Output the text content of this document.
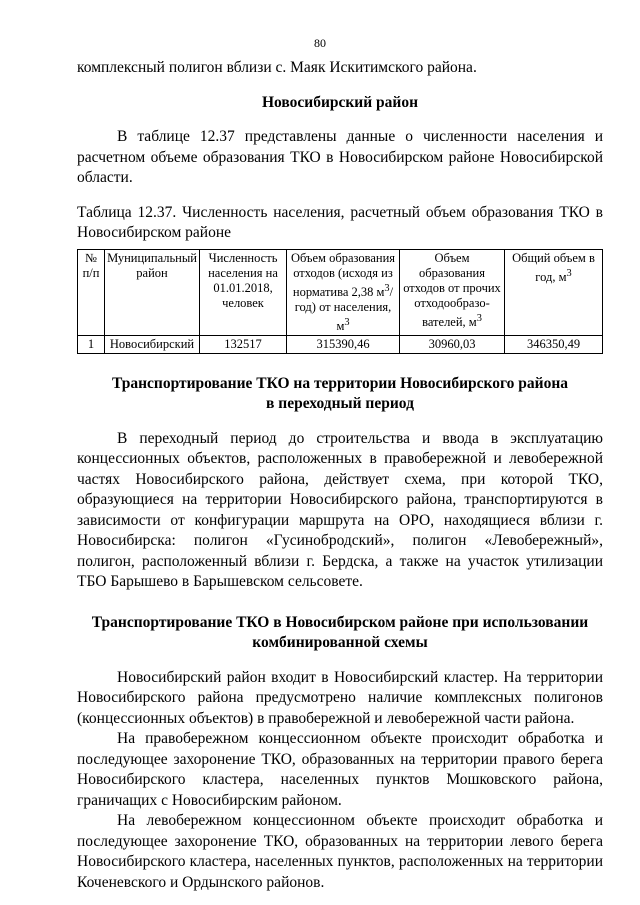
80

комплексный полигон вблизи с. Маяк Искитимского района.

Новосибирский район

В таблице 12.37 представлены данные о численности населения и расчетном объеме образования ТКО в Новосибирском районе Новосибирской области.

Таблица 12.37. Численность населения, расчетный объем образования ТКО в Новосибирском районе

№ п/п	Муниципальный район	Численность населения на 01.01.2018, человек	Объем образования отходов (исходя из норматива 2,38 $м^3/год$) от населения, $м^3$	Объем образования отходов от прочих отходообразо-вателей, $м^3$	Общий объем в год, $м^3$
1	Новосибирский	132517	315390,46	30960,03	346350,49
Транспортирование ТКО на территории Новосибирского района
в переходный период

В переходный период до строительства и ввода в эксплуатацию концессионных объектов, расположенных в правобережной и левобережной частях Новосибирского района, действует схема, при которой ТКО, образующиеся на территории Новосибирского района, транспортируются в зависимости от конфигурации маршрута на ОРО, находящиеся вблизи г. Новосибирска: полигон «Гусинобродский», полигон «Левобережный», полигон, расположенный вблизи г. Бердска, а также на участок утилизации ТБО Барышево в Барышевском сельсовете.

Транспортирование ТКО в Новосибирском районе при использовании
комбинированной схемы

Новосибирский район входит в Новосибирский кластер. На территории Новосибирского района предусмотрено наличие комплексных полигонов (концессионных объектов) в правобережной и левобережной части района.

На правобережном концессионном объекте происходит обработка и последующее захоронение ТКО, образованных на территории правого берега Новосибирского кластера, населенных пунктов Мошковского района, граничащих с Новосибирским районом.

На левобережном концессионном объекте происходит обработка и последующее захоронение ТКО, образованных на территории левого берега Новосибирского кластера, населенных пунктов, расположенных на территории Коченевского и Ордынского районов.
